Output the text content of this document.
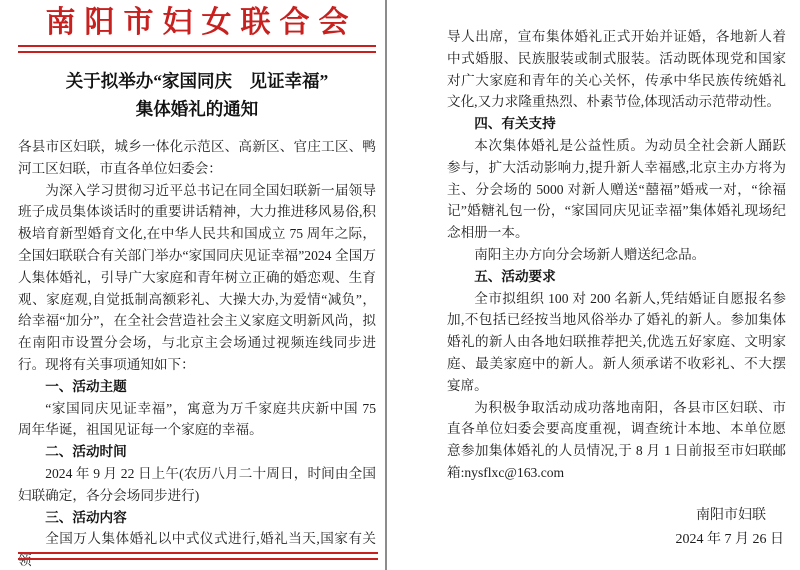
南阳市妇女联合会
关于拟举办“家国同庆　见证幸福”
集体婚礼的通知

各县市区妇联，城乡一体化示范区、高新区、官庄工区、鸭河工区妇联，市直各单位妇委会：

为深入学习贯彻习近平总书记在同全国妇联新一届领导班子成员集体谈话时的重要讲话精神，大力推进移风易俗,积极培育新型婚育文化,在中华人民共和国成立 75 周年之际，全国妇联联合有关部门举办“家国同庆见证幸福”2024 全国万人集体婚礼，引导广大家庭和青年树立正确的婚恋观、生育观、家庭观,自觉抵制高额彩礼、大操大办,为爱情“减负”，给幸福“加分”，在全社会营造社会主义家庭文明新风尚，拟在南阳市设置分会场，与北京主会场通过视频连线同步进行。现将有关事项通知如下：

一、活动主题

“家国同庆见证幸福”，寓意为万千家庭共庆新中国 75 周年华诞，祖国见证每一个家庭的幸福。

二、活动时间

2024 年 9 月 22 日上午(农历八月二十周日，时间由全国妇联确定，各分会场同步进行)

三、活动内容

全国万人集体婚礼以中式仪式进行,婚礼当天,国家有关领

导人出席，宣布集体婚礼正式开始并证婚，各地新人着中式婚服、民族服装或制式服装。活动既体现党和国家对广大家庭和青年的关心关怀，传承中华民族传统婚礼文化,又力求隆重热烈、朴素节俭,体现活动示范带动性。

四、有关支持

本次集体婚礼是公益性质。为动员全社会新人踊跃参与，扩大活动影响力,提升新人幸福感,北京主办方将为主、分会场的 5000 对新人赠送“囍福”婚戒一对，“徐福记”婚糖礼包一份，“家国同庆见证幸福”集体婚礼现场纪念相册一本。

南阳主办方向分会场新人赠送纪念品。

五、活动要求

全市拟组织 100 对 200 名新人,凭结婚证自愿报名参加,不包括已经按当地风俗举办了婚礼的新人。参加集体婚礼的新人由各地妇联推荐把关,优选五好家庭、文明家庭、最美家庭中的新人。新人须承诺不收彩礼、不大摆宴席。

为积极争取活动成功落地南阳，各县市区妇联、市直各单位妇委会要高度重视，调查统计本地、本单位愿意参加集体婚礼的人员情况,于 8 月 1 日前报至市妇联邮箱:nysflxc@163.com

南阳市妇联
2024 年 7 月 26 日
